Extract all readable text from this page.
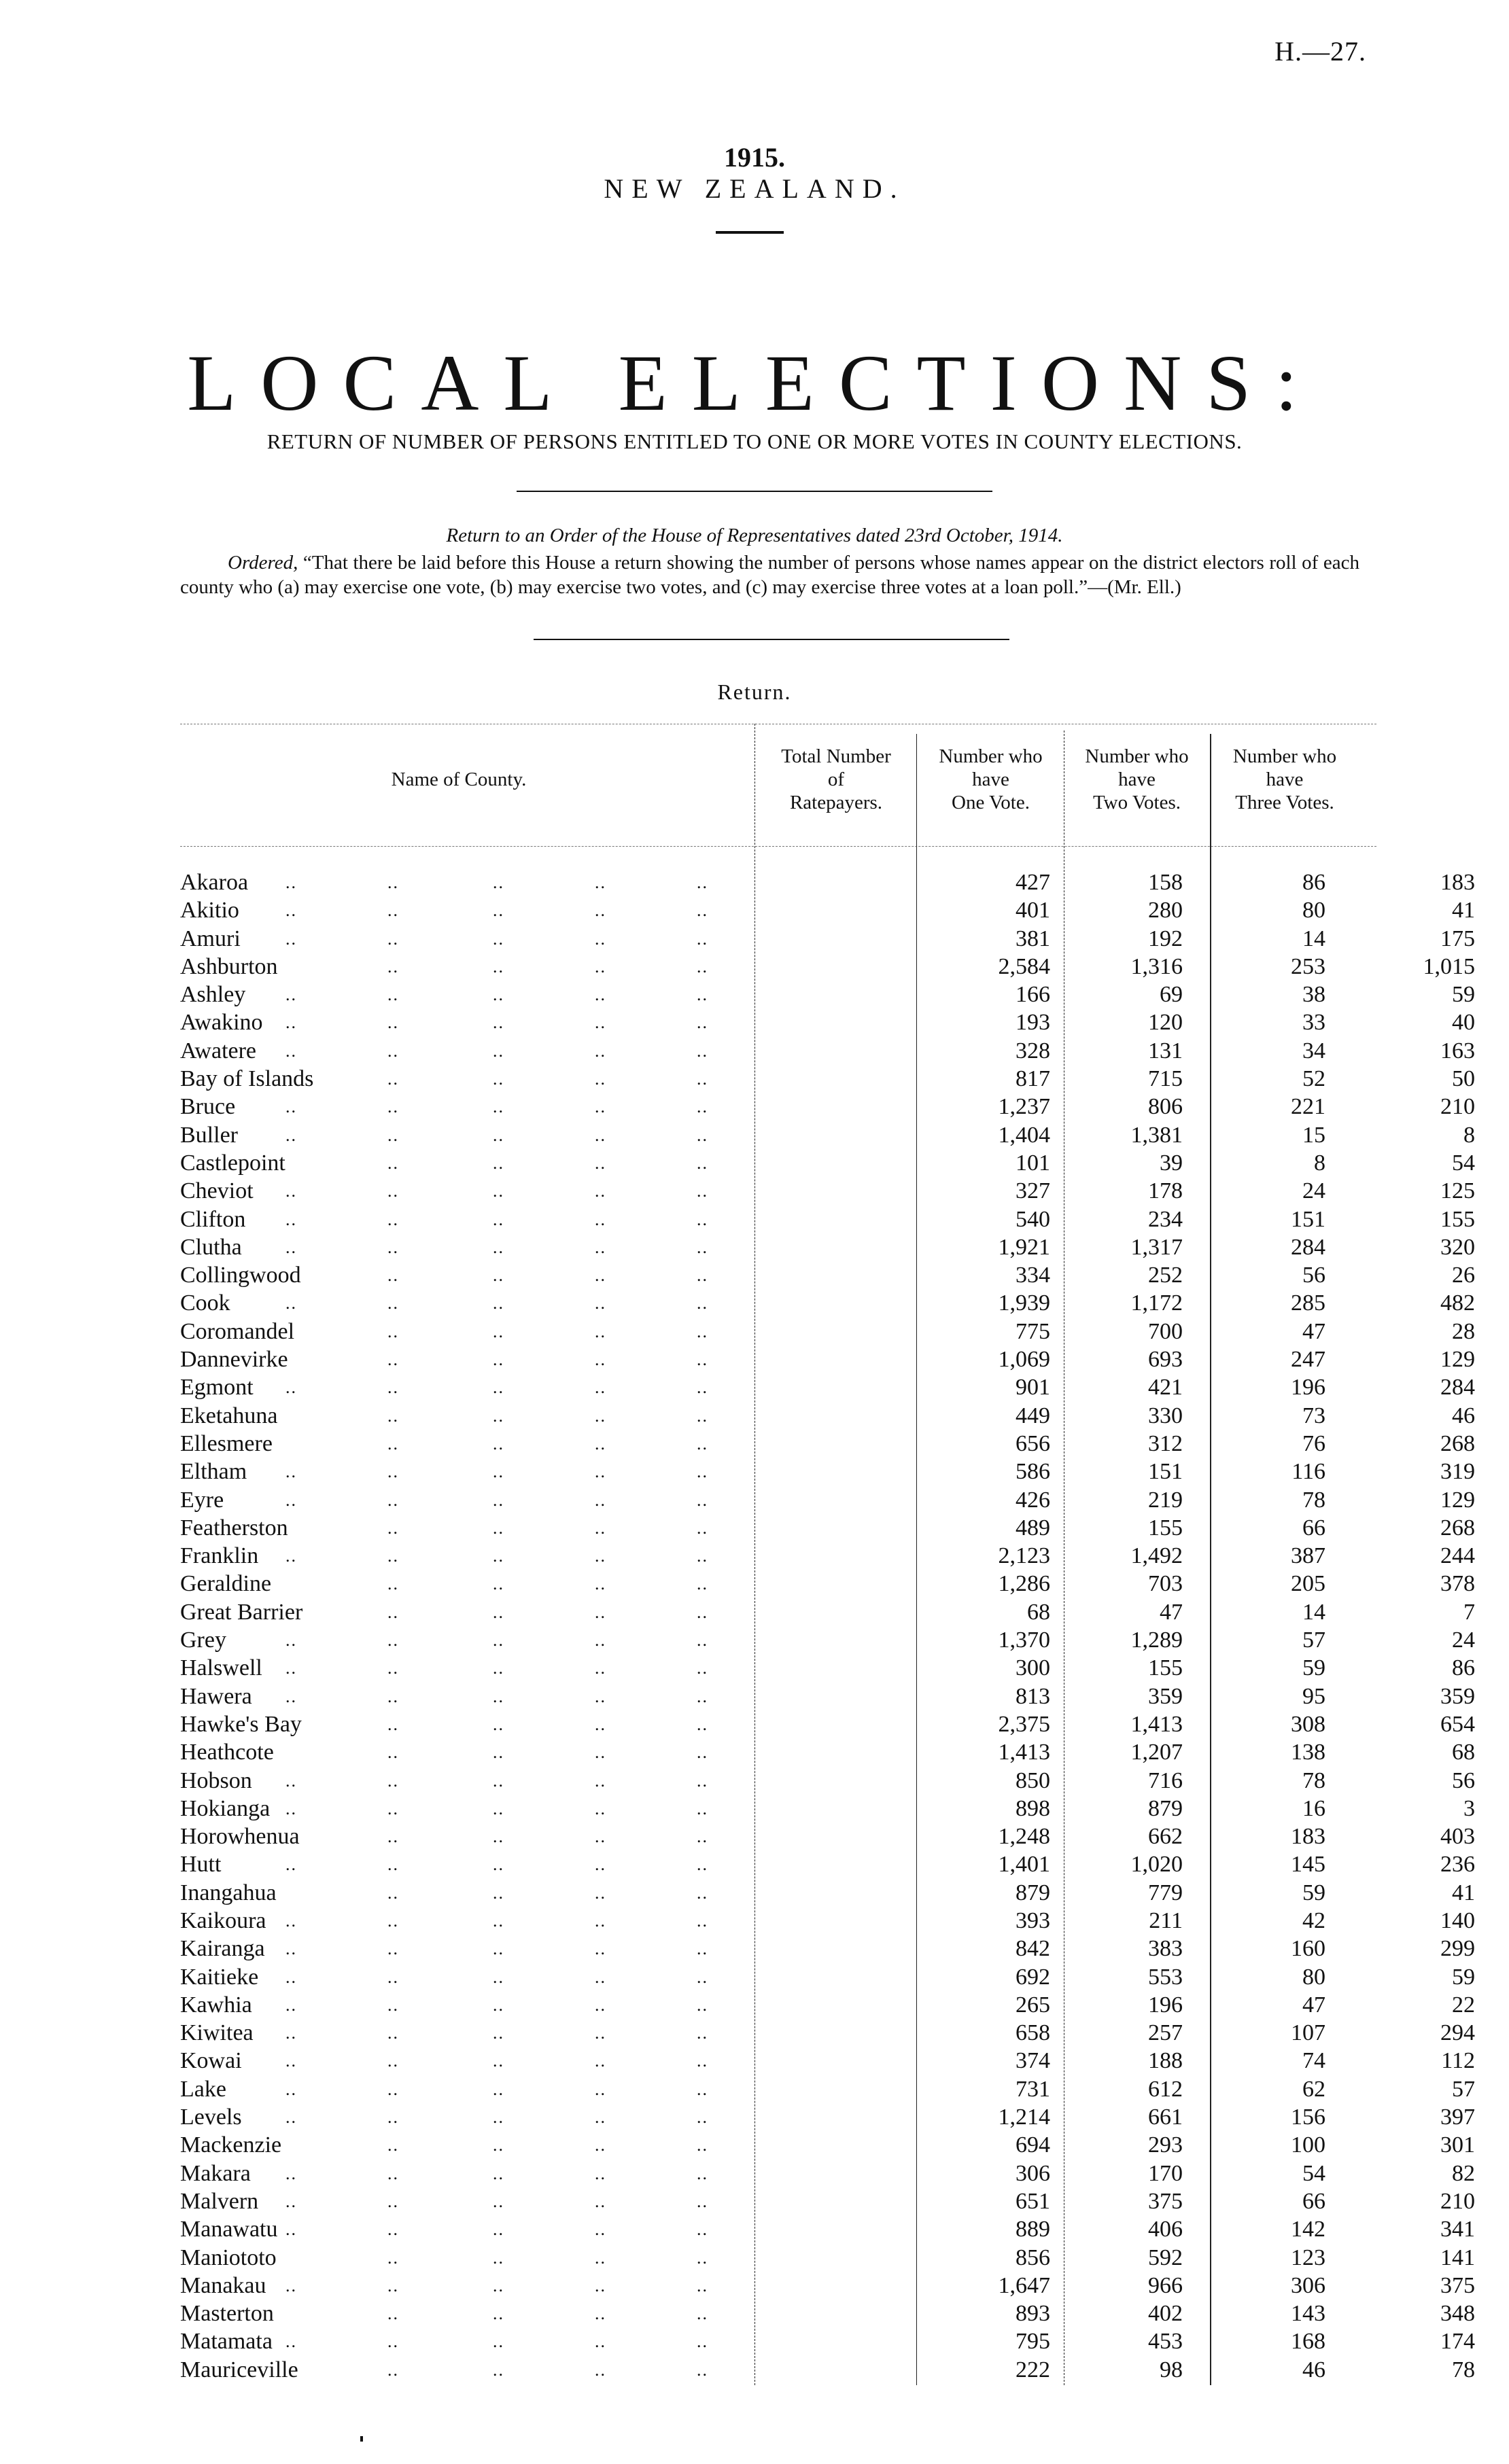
H.—27.
1915.
NEW ZEALAND.
LOCAL ELECTIONS:
RETURN OF NUMBER OF PERSONS ENTITLED TO ONE OR MORE VOTES IN COUNTY ELECTIONS.
Return to an Order of the House of Representatives dated 23rd October, 1914.
Ordered, “That there be laid before this House a return showing the number of persons whose names appear on the district electors roll of each county who (a) may exercise one vote, (b) may exercise two votes, and (c) may exercise three votes at a loan poll.”—(Mr. Ell.)
Return.
Name of County.
Total Number
of
Ratepayers.
Number who
have
One Vote.
Number who
have
Two Votes.
Number who
have
Three Votes.
..	..	..	..	..
Akaroa	427	158	86	183
..	..	..	..	..
Akitio	401	280	80	41
..	..	..	..	..
Amuri	381	192	14	175
..	..	..	..
Ashburton	2,584	1,316	253	1,015
..	..	..	..	..
Ashley	166	69	38	59
..	..	..	..	..
Awakino	193	120	33	40
..	..	..	..	..
Awatere	328	131	34	163
..	..	..	..
Bay of Islands	817	715	52	50
..	..	..	..	..
Bruce	1,237	806	221	210
..	..	..	..	..
Buller	1,404	1,381	15	8
..	..	..	..
Castlepoint	101	39	8	54
..	..	..	..	..
Cheviot	327	178	24	125
..	..	..	..	..
Clifton	540	234	151	155
..	..	..	..	..
Clutha	1,921	1,317	284	320
..	..	..	..
Collingwood	334	252	56	26
..	..	..	..	..
Cook	1,939	1,172	285	482
..	..	..	..
Coromandel	775	700	47	28
..	..	..	..
Dannevirke	1,069	693	247	129
..	..	..	..	..
Egmont	901	421	196	284
..	..	..	..
Eketahuna	449	330	73	46
..	..	..	..
Ellesmere	656	312	76	268
..	..	..	..	..
Eltham	586	151	116	319
..	..	..	..	..
Eyre	426	219	78	129
..	..	..	..
Featherston	489	155	66	268
..	..	..	..	..
Franklin	2,123	1,492	387	244
..	..	..	..
Geraldine	1,286	703	205	378
..	..	..	..
Great Barrier	68	47	14	7
..	..	..	..	..
Grey	1,370	1,289	57	24
..	..	..	..	..
Halswell	300	155	59	86
..	..	..	..	..
Hawera	813	359	95	359
..	..	..	..
Hawke's Bay	2,375	1,413	308	654
..	..	..	..
Heathcote	1,413	1,207	138	68
..	..	..	..	..
Hobson	850	716	78	56
..	..	..	..	..
Hokianga	898	879	16	3
..	..	..	..
Horowhenua	1,248	662	183	403
..	..	..	..	..
Hutt	1,401	1,020	145	236
..	..	..	..
Inangahua	879	779	59	41
..	..	..	..	..
Kaikoura	393	211	42	140
..	..	..	..	..
Kairanga	842	383	160	299
..	..	..	..	..
Kaitieke	692	553	80	59
..	..	..	..	..
Kawhia	265	196	47	22
..	..	..	..	..
Kiwitea	658	257	107	294
..	..	..	..	..
Kowai	374	188	74	112
..	..	..	..	..
Lake	731	612	62	57
..	..	..	..	..
Levels	1,214	661	156	397
..	..	..	..
Mackenzie	694	293	100	301
..	..	..	..	..
Makara	306	170	54	82
..	..	..	..	..
Malvern	651	375	66	210
..	..	..	..	..
Manawatu	889	406	142	341
..	..	..	..
Maniototo	856	592	123	141
..	..	..	..	..
Manakau	1,647	966	306	375
..	..	..	..
Masterton	893	402	143	348
..	..	..	..	..
Matamata	795	453	168	174
..	..	..	..
Mauriceville	222	98	46	78
